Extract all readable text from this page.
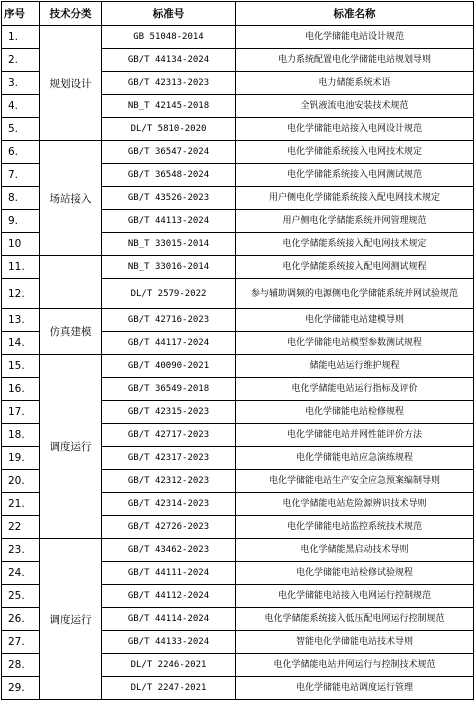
序号	技术分类	标准号	标准名称
1.	规划设计	GB 51048-2014	电化学储能电站设计规范
2.		GB/T 44134-2024	电力系统配置电化学储能电站规划导则
3.		GB/T 42313-2023	电力储能系统术语
4.		NB_T 42145-2018	全钒液流电池安装技术规范
5.		DL/T 5810-2020	电化学储能电站接入电网设计规范
6.	场站接入	GB/T 36547-2024	电化学储能系统接入电网技术规定
7.		GB/T 36548-2024	电化学储能系统接入电网测试规范
8.		GB/T 43526-2023	用户侧电化学储能系统接入配电网技术规定
9.		GB/T 44113-2024	用户侧电化学储能系统并网管理规范
10		NB_T 33015-2014	电化学储能系统接入配电网技术规定
11.		NB_T 33016-2014	电化学储能系统接入配电网测试规程
12.		DL/T 2579-2022	参与辅助调频的电源侧电化学储能系统并网试验规范
13.	仿真建模	GB/T 42716-2023	电化学储能电站建模导则
14.		GB/T 44117-2024	电化学储能电站模型参数测试规程
15.	调度运行	GB/T 40090-2021	储能电站运行维护规程
16.		GB/T 36549-2018	电化学储能电站运行指标及评价
17.		GB/T 42315-2023	电化学储能电站检修规程
18.		GB/T 42717-2023	电化学储能电站并网性能评价方法
19.		GB/T 42317-2023	电化学储能电站应急演练规程
20.		GB/T 42312-2023	电化学储能电站生产安全应急预案编制导则
21.		GB/T 42314-2023	电化学储能电站危险源辨识技术导则
22		GB/T 42726-2023	电化学储能电站监控系统技术规范
23.	调度运行	GB/T 43462-2023	电化学储能黑启动技术导则
24.		GB/T 44111-2024	电化学储能电站检修试验规程
25.		GB/T 44112-2024	电化学储能电站接入电网运行控制规范
26.		GB/T 44114-2024	电化学储能系统接入低压配电网运行控制规范
27.		GB/T 44133-2024	智能电化学储能电站技术导则
28.		DL/T 2246-2021	电化学储能电站并网运行与控制技术规范
29.		DL/T 2247-2021	电化学储能电站调度运行管理
